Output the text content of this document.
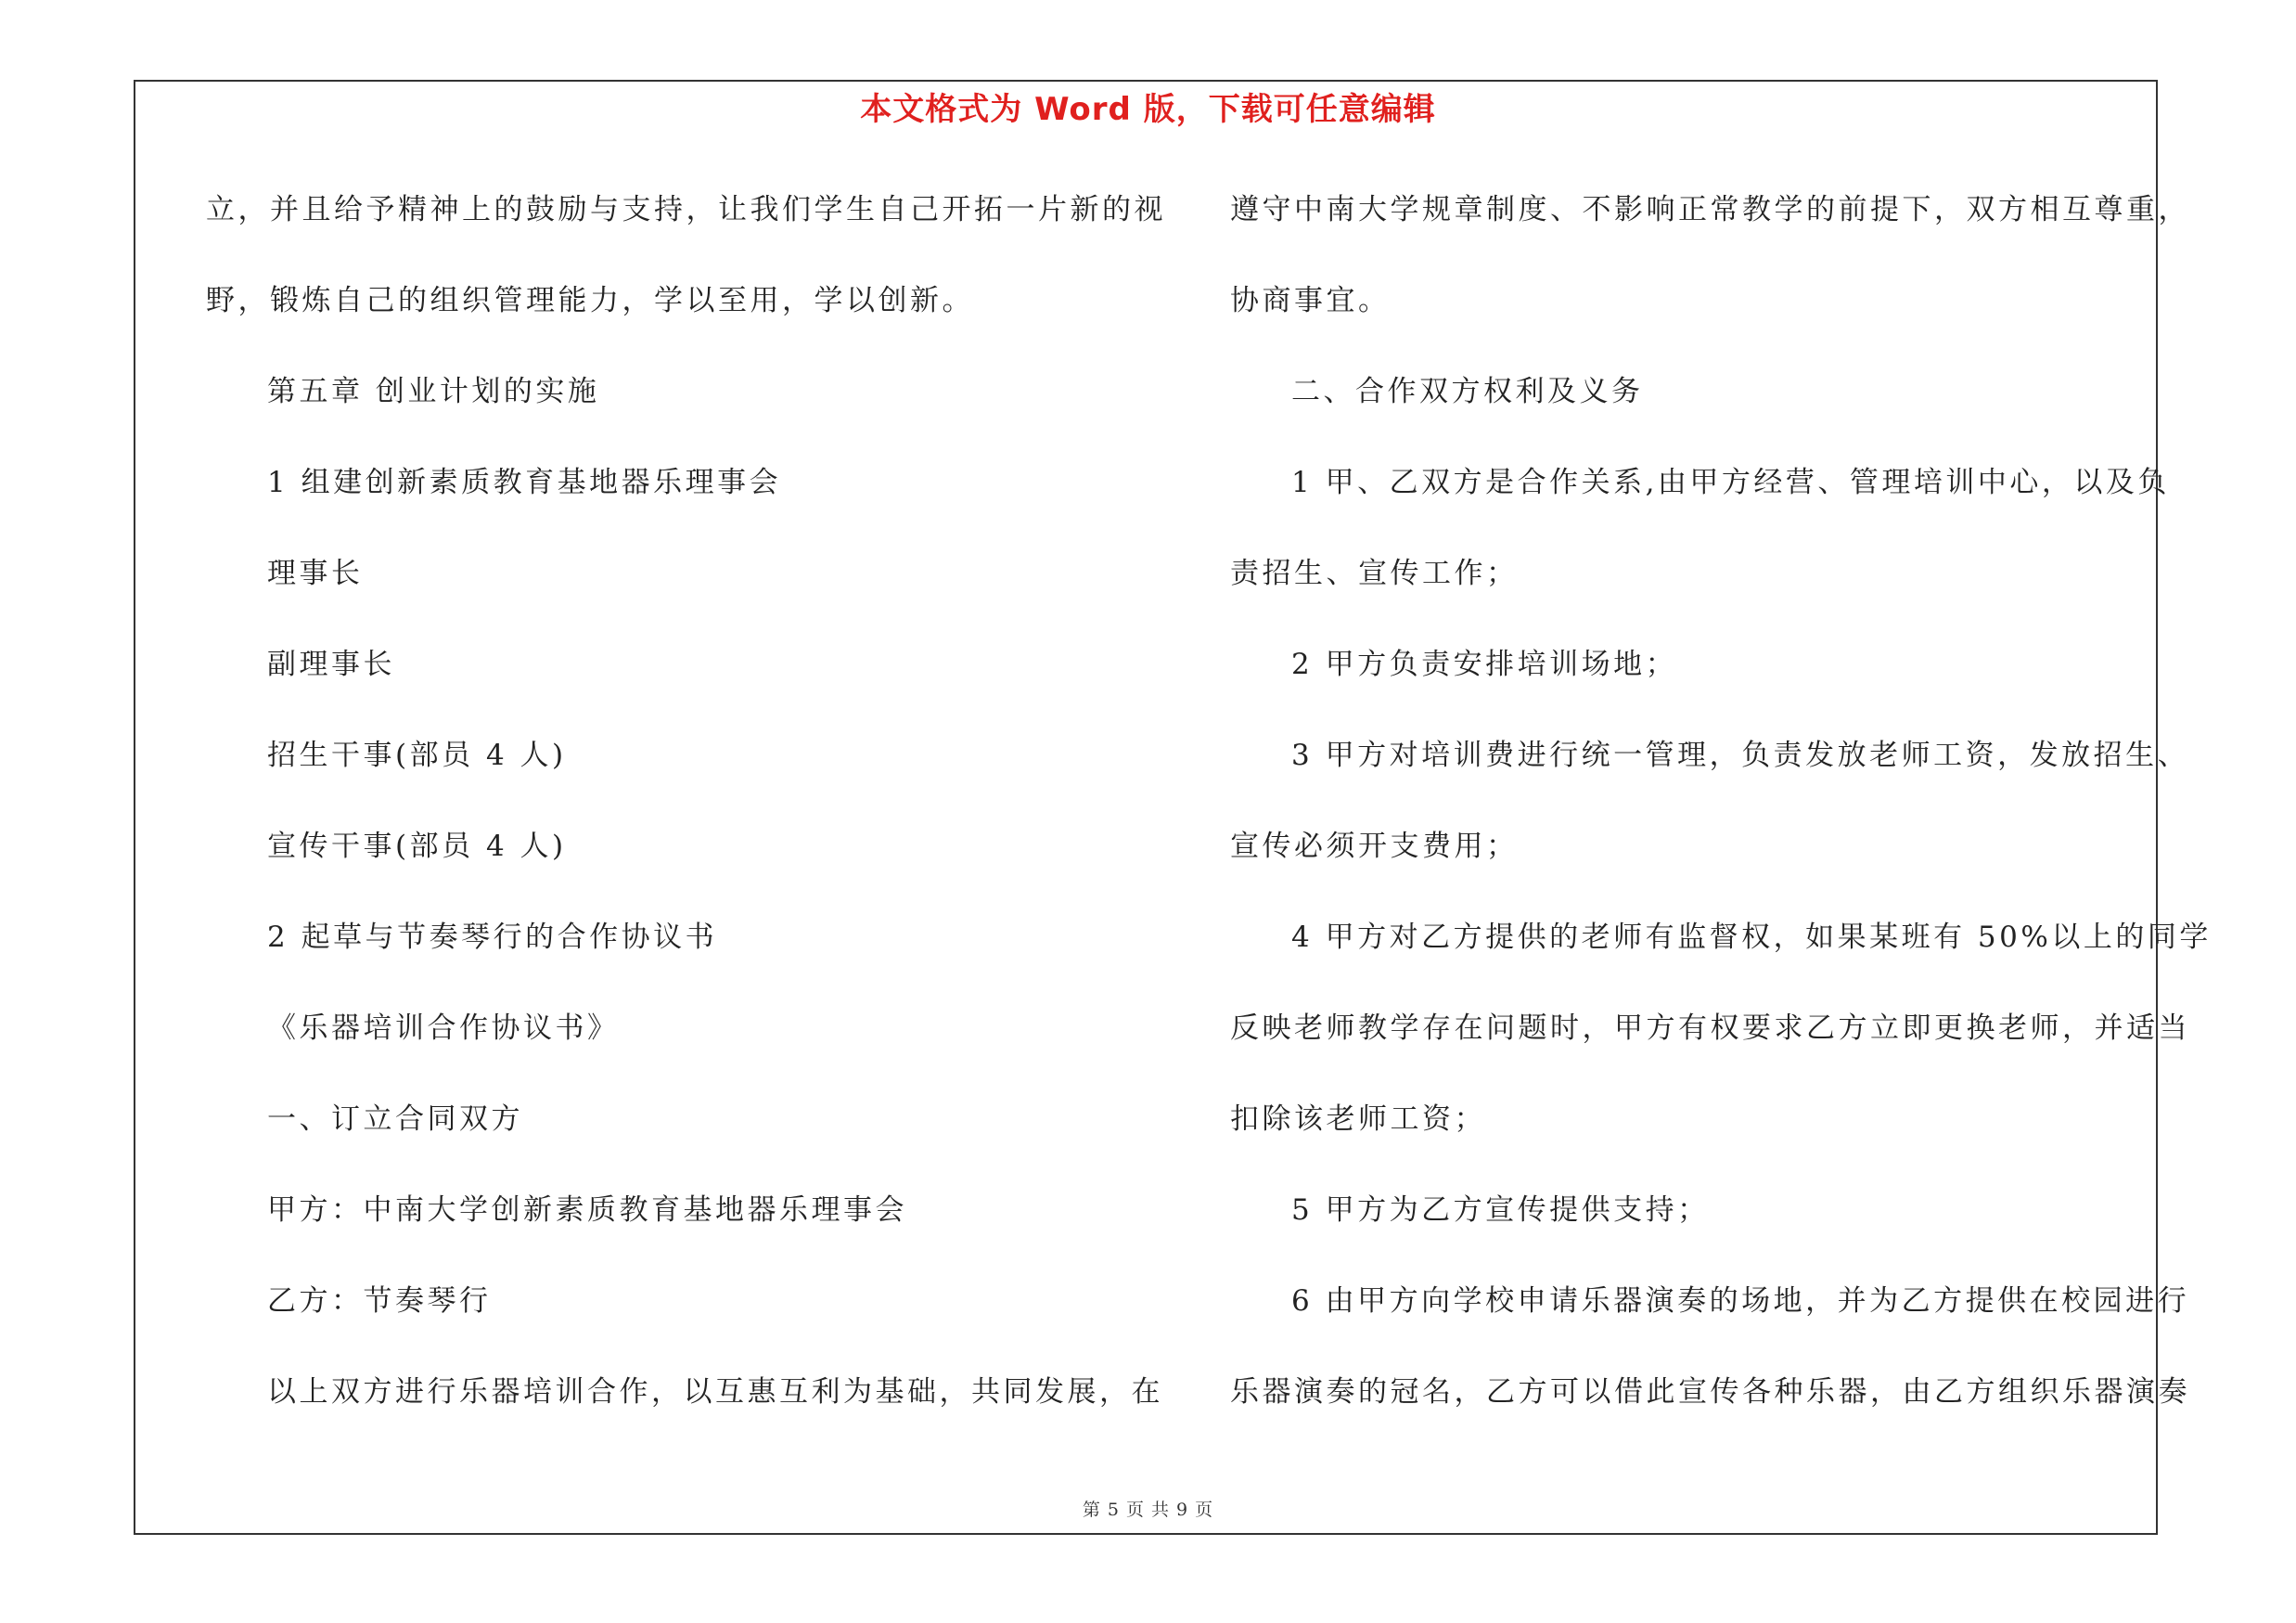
本文格式为 Word 版，下载可任意编辑
立，并且给予精神上的鼓励与支持，让我们学生自己开拓一片新的视
野，锻炼自己的组织管理能力，学以至用，学以创新。
第五章 创业计划的实施
1 组建创新素质教育基地器乐理事会
理事长
副理事长
招生干事(部员 4 人)
宣传干事(部员 4 人)
2 起草与节奏琴行的合作协议书
《乐器培训合作协议书》
一、订立合同双方
甲方：中南大学创新素质教育基地器乐理事会
乙方：节奏琴行
以上双方进行乐器培训合作，以互惠互利为基础，共同发展，在
遵守中南大学规章制度、不影响正常教学的前提下，双方相互尊重，
协商事宜。
二、合作双方权利及义务
1 甲、乙双方是合作关系,由甲方经营、管理培训中心，以及负
责招生、宣传工作；
2 甲方负责安排培训场地；
3 甲方对培训费进行统一管理，负责发放老师工资，发放招生、
宣传必须开支费用；
4 甲方对乙方提供的老师有监督权，如果某班有 50%以上的同学
反映老师教学存在问题时，甲方有权要求乙方立即更换老师，并适当
扣除该老师工资；
5 甲方为乙方宣传提供支持；
6 由甲方向学校申请乐器演奏的场地，并为乙方提供在校园进行
乐器演奏的冠名，乙方可以借此宣传各种乐器，由乙方组织乐器演奏
第 5 页 共 9 页
